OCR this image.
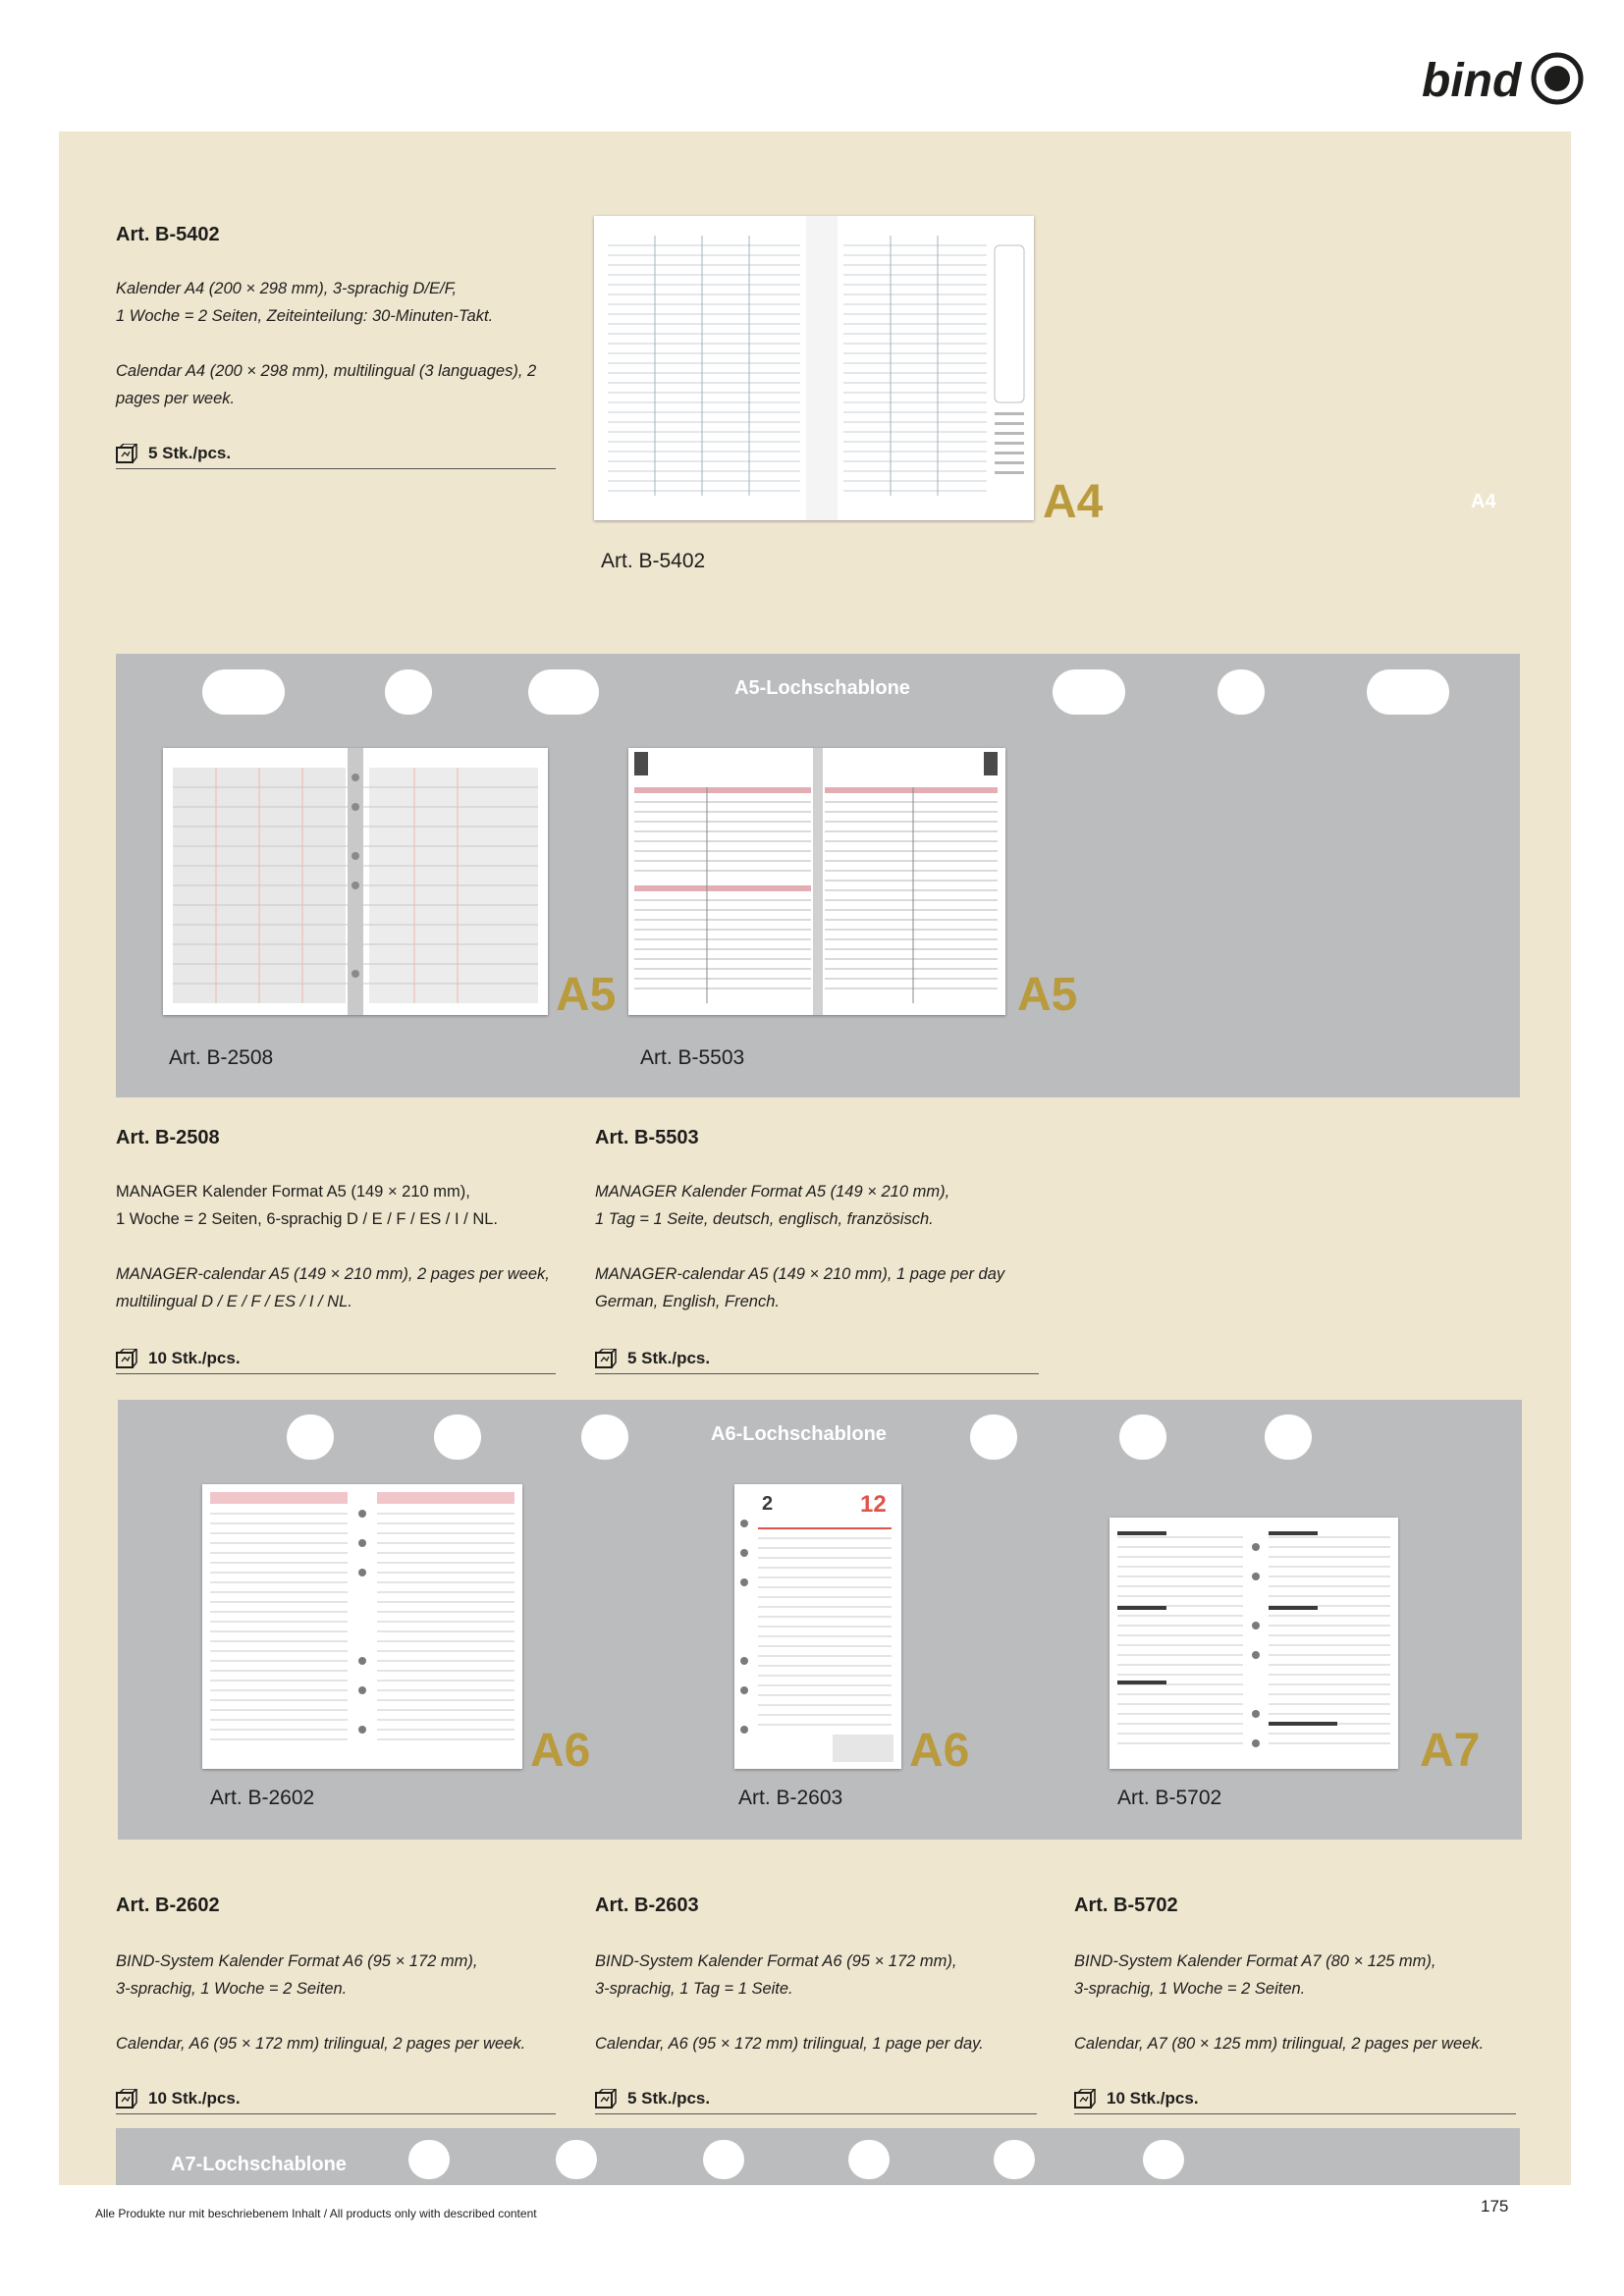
bind
Art. B-5402
Kalender A4 (200 × 298 mm), 3-sprachig D/E/F,
1 Woche = 2 Seiten, Zeiteinteilung: 30-Minuten-Takt.
Calendar A4 (200 × 298 mm), multilingual (3 languages), 2
pages per week.
5 Stk./pcs.
A4	A4
Art. B-5402
A5-Lochschablone
A5
Art. B-2508
A5
Art. B-5503
Art. B-2508
MANAGER Kalender Format A5 (149 × 210 mm),
1 Woche = 2 Seiten, 6-sprachig D / E / F / ES / I / NL.
MANAGER-calendar A5 (149 × 210 mm), 2 pages per week,
multilingual D / E / F / ES / I / NL.
10 Stk./pcs.
Art. B-5503
MANAGER Kalender Format A5 (149 × 210 mm),
1 Tag = 1 Seite, deutsch, englisch, französisch.
MANAGER-calendar A5 (149 × 210 mm), 1 page per day
German, English, French.
5 Stk./pcs.
A6-Lochschablone
A6
Art. B-2602
2	12
A6
Art. B-2603
A7
Art. B-5702
Art. B-2602
BIND-System Kalender Format A6 (95 × 172 mm),
3-sprachig, 1 Woche = 2 Seiten.
Calendar, A6 (95 × 172 mm) trilingual, 2 pages per week.
10 Stk./pcs.
Art. B-2603
BIND-System Kalender Format A6 (95 × 172 mm),
3-sprachig, 1 Tag = 1 Seite.
Calendar, A6 (95 × 172 mm) trilingual, 1 page per day.
5 Stk./pcs.
Art. B-5702
BIND-System Kalender Format A7 (80 × 125 mm),
3-sprachig, 1 Woche = 2 Seiten.
Calendar, A7 (80 × 125 mm) trilingual, 2 pages per week.
10 Stk./pcs.
A7-Lochschablone
Alle Produkte nur mit beschriebenem Inhalt / All products only with described content	175
